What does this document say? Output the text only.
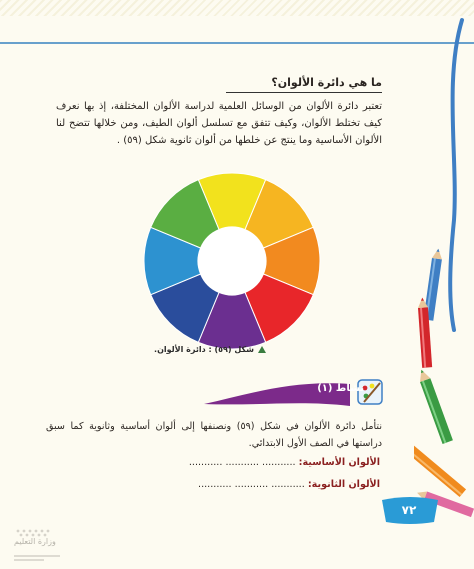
ما هي دائرة الألوان؟
تعتبر دائرة الألوان من الوسائل العلمية لدراسة الألوان المختلفة، إذ بها نعرف كيف تختلط الألوان، وكيف تتفق مع تسلسل ألوان الطيف، ومن خلالها تتضح لنا الألوان الأساسية وما ينتج عن خلطها من ألوان ثانوية شكل (٥٩) .
شكل (٥٩) : دائرة الألوان.
نشاط (١)
نتأمل دائرة الألوان في شكل (٥٩) ونصنفها إلى ألوان أساسية وثانوية كما سبق دراستها في الصف الأول الابتدائي.
الألوان الأساسية: ........... ........... ...........
الألوان الثانوية: ........... ........... ...........
٧٢
وزارة التعليم
